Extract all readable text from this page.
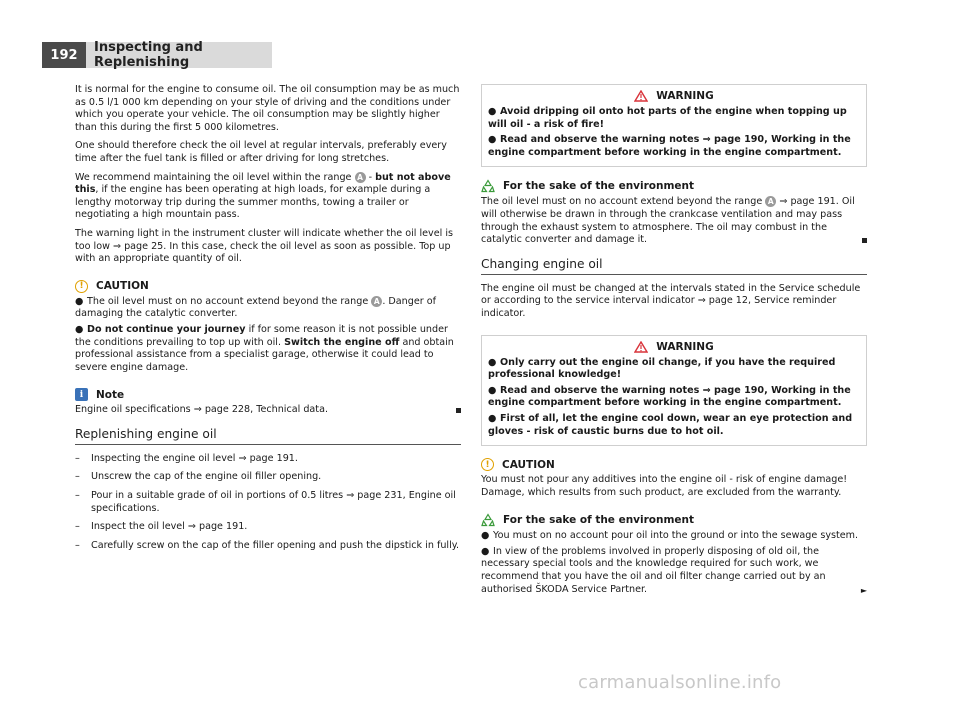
192	Inspecting and Replenishing

It is normal for the engine to consume oil. The oil consumption may be as much as 0.5 l/1 000 km depending on your style of driving and the conditions under which you operate your vehicle. The oil consumption may be slightly higher than this during the first 5 000 kilometres.

One should therefore check the oil level at regular intervals, preferably every time after the fuel tank is filled or after driving for long stretches.

We recommend maintaining the oil level within the range A - but not above this, if the engine has been operating at high loads, for example during a lengthy motorway trip during the summer months, towing a trailer or negotiating a high mountain pass.

The warning light in the instrument cluster will indicate whether the oil level is too low ⇒ page 25. In this case, check the oil level as soon as possible. Top up with an appropriate quantity of oil.

!	CAUTION

● The oil level must on no account extend beyond the range A . Danger of damaging the catalytic converter.

● Do not continue your journey if for some reason it is not possible under the conditions prevailing to top up with oil. Switch the engine off and obtain professional assistance from a specialist garage, otherwise it could lead to severe engine damage.

i	Note

Engine oil specifications ⇒ page 228, Technical data.

Replenishing engine oil
–	Inspecting the engine oil level ⇒ page 191.
–	Unscrew the cap of the engine oil filler opening.
–	Pour in a suitable grade of oil in portions of 0.5 litres ⇒ page 231, Engine oil specifications.
–	Inspect the oil level ⇒ page 191.
–	Carefully screw on the cap of the filler opening and push the dipstick in fully.
WARNING

● Avoid dripping oil onto hot parts of the engine when topping up will oil - a risk of fire!

● Read and observe the warning notes ⇒ page 190, Working in the engine compartment before working in the engine compartment.

For the sake of the environment

The oil level must on no account extend beyond the range A ⇒ page 191. Oil will otherwise be drawn in through the crankcase ventilation and may pass through the exhaust system to atmosphere. The oil may combust in the catalytic converter and damage it.

Changing engine oil

The engine oil must be changed at the intervals stated in the Service schedule or according to the service interval indicator ⇒ page 12, Service reminder indicator.

WARNING

● Only carry out the engine oil change, if you have the required professional knowledge!

● Read and observe the warning notes ⇒ page 190, Working in the engine compartment before working in the engine compartment.

● First of all, let the engine cool down, wear an eye protection and gloves - risk of caustic burns due to hot oil.

!	CAUTION

You must not pour any additives into the engine oil - risk of engine damage! Damage, which results from such product, are excluded from the warranty.

For the sake of the environment

● You must on no account pour oil into the ground or into the sewage system.

● In view of the problems involved in properly disposing of old oil, the necessary special tools and the knowledge required for such work, we recommend that you have the oil and oil filter change carried out by an authorised ŠKODA Service Partner.	►

carmanualsonline.info
